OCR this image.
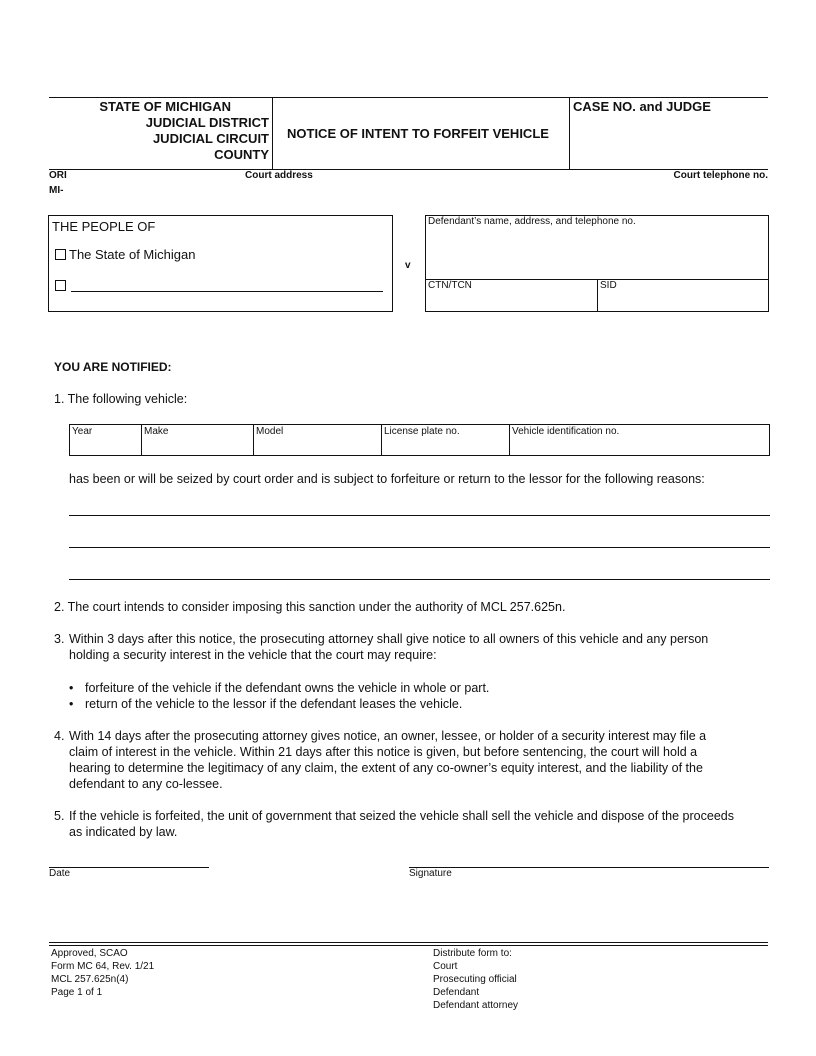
STATE OF MICHIGAN
JUDICIAL DISTRICT
JUDICIAL CIRCUIT
COUNTY
NOTICE OF INTENT TO FORFEIT VEHICLE
CASE NO. and JUDGE
ORI
MI-
Court address	Court telephone no.
THE PEOPLE OF
The State of Michigan
v
Defendant’s name, address, and telephone no.
CTN/TCN	SID
YOU ARE NOTIFIED:
1. The following vehicle:
Year	Make	Model	License plate no.	Vehicle identification no.
has been or will be seized by court order and is subject to forfeiture or return to the lessor for the following reasons:
2. The court intends to consider imposing this sanction under the authority of MCL 257.625n.
3. Within 3 days after this notice, the prosecuting attorney shall give notice to all owners of this vehicle and any person
holding a security interest in the vehicle that the court may require:
• forfeiture of the vehicle if the defendant owns the vehicle in whole or part.
• return of the vehicle to the lessor if the defendant leases the vehicle.
4. With 14 days after the prosecuting attorney gives notice, an owner, lessee, or holder of a security interest may file a
claim of interest in the vehicle. Within 21 days after this notice is given, but before sentencing, the court will hold a
hearing to determine the legitimacy of any claim, the extent of any co-owner’s equity interest, and the liability of the
defendant to any co-lessee.
5. If the vehicle is forfeited, the unit of government that seized the vehicle shall sell the vehicle and dispose of the proceeds
as indicated by law.
Date	Signature
Approved, SCAO
Form MC 64, Rev. 1/21
MCL 257.625n(4)
Page 1 of 1
Distribute form to:
Court
Prosecuting official
Defendant
Defendant attorney
